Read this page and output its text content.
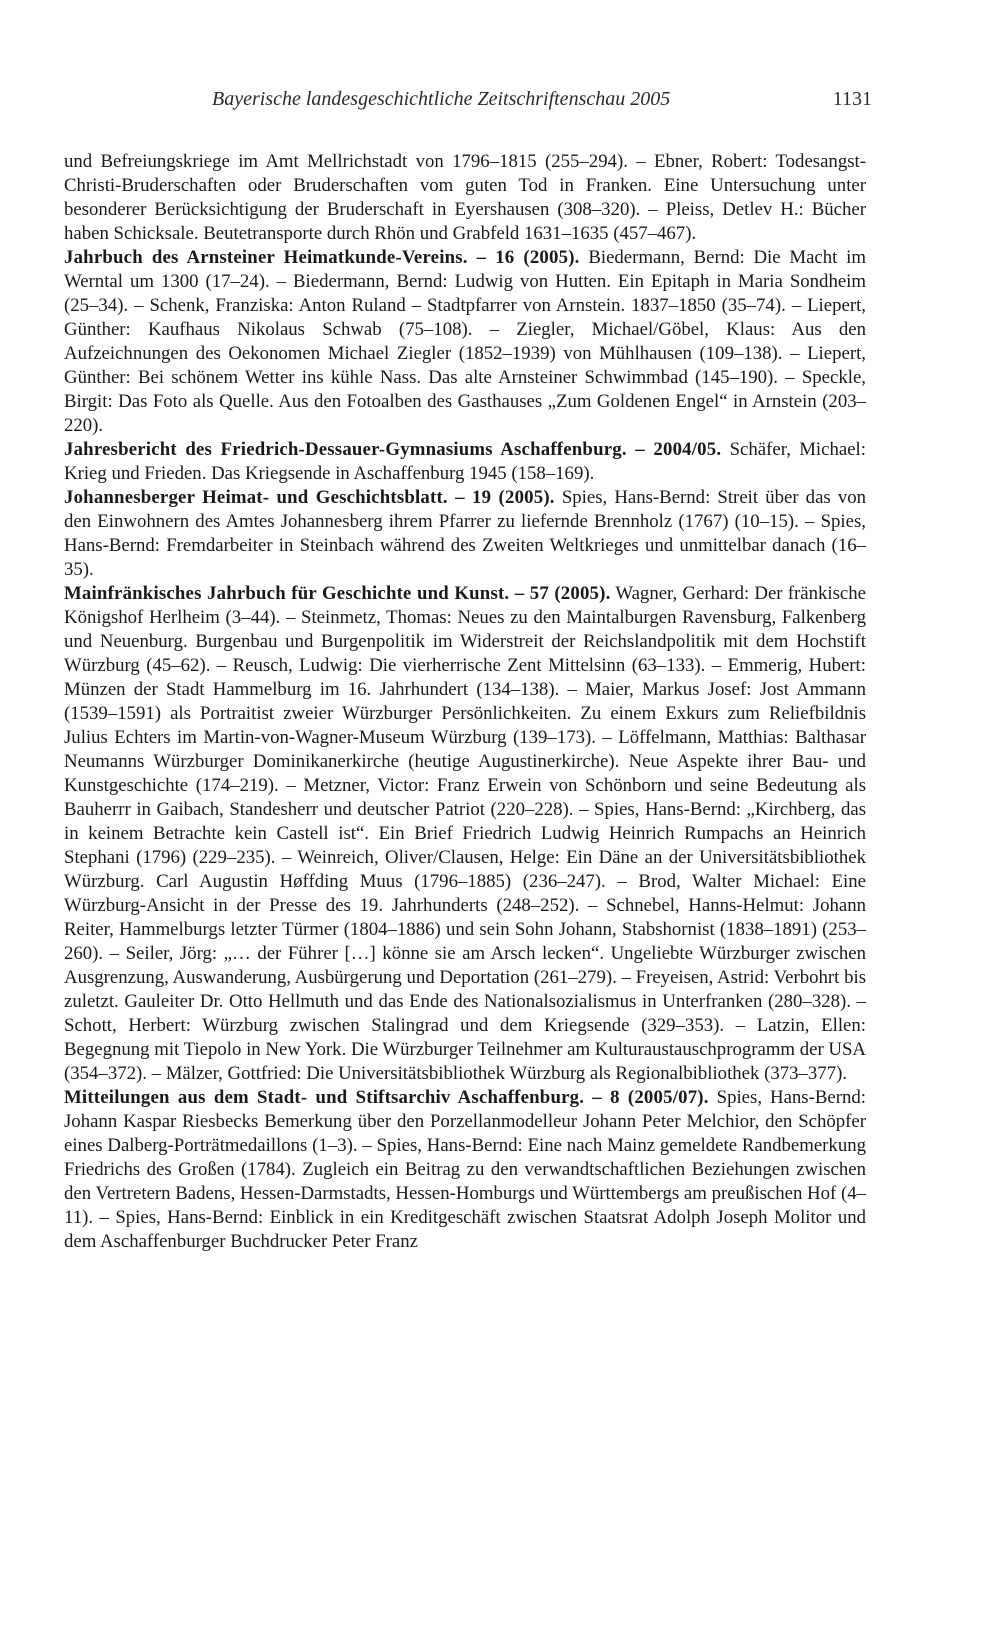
Bayerische landesgeschichtliche Zeitschriftenschau 2005	1131

und Befreiungskriege im Amt Mellrichstadt von 1796–1815 (255–294). – Ebner, Robert: Todesangst-Christi-Bruderschaften oder Bruderschaften vom guten Tod in Franken. Eine Untersuchung unter besonderer Berücksichtigung der Bruderschaft in Eyershausen (308–320). – Pleiss, Detlev H.: Bücher haben Schicksale. Beutetransporte durch Rhön und Grabfeld 1631–1635 (457–467).

Jahrbuch des Arnsteiner Heimatkunde-Vereins. – 16 (2005). Biedermann, Bernd: Die Macht im Werntal um 1300 (17–24). – Biedermann, Bernd: Ludwig von Hutten. Ein Epitaph in Maria Sondheim (25–34). – Schenk, Franziska: Anton Ruland – Stadtpfarrer von Arnstein. 1837–1850 (35–74). – Liepert, Günther: Kaufhaus Nikolaus Schwab (75–108). – Ziegler, Michael/Göbel, Klaus: Aus den Aufzeichnungen des Oekonomen Michael Ziegler (1852–1939) von Mühlhausen (109–138). – Liepert, Günther: Bei schönem Wetter ins kühle Nass. Das alte Arnsteiner Schwimmbad (145–190). – Speckle, Birgit: Das Foto als Quelle. Aus den Fotoalben des Gasthauses „Zum Goldenen Engel“ in Arnstein (203–220).

Jahresbericht des Friedrich-Dessauer-Gymnasiums Aschaffenburg. – 2004/05. Schäfer, Michael: Krieg und Frieden. Das Kriegsende in Aschaffenburg 1945 (158–169).

Johannesberger Heimat- und Geschichtsblatt. – 19 (2005). Spies, Hans-Bernd: Streit über das von den Einwohnern des Amtes Johannesberg ihrem Pfarrer zu liefernde Brennholz (1767) (10–15). – Spies, Hans-Bernd: Fremdarbeiter in Steinbach während des Zweiten Weltkrieges und unmittelbar danach (16–35).

Mainfränkisches Jahrbuch für Geschichte und Kunst. – 57 (2005). Wagner, Gerhard: Der fränkische Königshof Herlheim (3–44). – Steinmetz, Thomas: Neues zu den Maintalburgen Ravensburg, Falkenberg und Neuenburg. Burgenbau und Burgenpolitik im Widerstreit der Reichslandpolitik mit dem Hochstift Würzburg (45–62). – Reusch, Ludwig: Die vierherrische Zent Mittelsinn (63–133). – Emmerig, Hubert: Münzen der Stadt Hammelburg im 16. Jahrhundert (134–138). – Maier, Markus Josef: Jost Ammann (1539–1591) als Portraitist zweier Würzburger Persönlichkeiten. Zu einem Exkurs zum Reliefbildnis Julius Echters im Martin-von-Wagner-Museum Würzburg (139–173). – Löffelmann, Matthias: Balthasar Neumanns Würzburger Dominikanerkirche (heutige Augustinerkirche). Neue Aspekte ihrer Bau- und Kunstgeschichte (174–219). – Metzner, Victor: Franz Erwein von Schönborn und seine Bedeutung als Bauherrr in Gaibach, Standesherr und deutscher Patriot (220–228). – Spies, Hans-Bernd: „Kirchberg, das in keinem Betrachte kein Castell ist“. Ein Brief Friedrich Ludwig Heinrich Rumpachs an Heinrich Stephani (1796) (229–235). – Weinreich, Oliver/Clausen, Helge: Ein Däne an der Universitätsbibliothek Würzburg. Carl Augustin Høffding Muus (1796–1885) (236–247). – Brod, Walter Michael: Eine Würzburg-Ansicht in der Presse des 19. Jahrhunderts (248–252). – Schnebel, Hanns-Helmut: Johann Reiter, Hammelburgs letzter Türmer (1804–1886) und sein Sohn Johann, Stabshornist (1838–1891) (253–260). – Seiler, Jörg: „… der Führer […] könne sie am Arsch lecken“. Ungeliebte Würzburger zwischen Ausgrenzung, Auswanderung, Ausbürgerung und Deportation (261–279). – Freyeisen, Astrid: Verbohrt bis zuletzt. Gauleiter Dr. Otto Hellmuth und das Ende des Nationalsozialismus in Unterfranken (280–328). – Schott, Herbert: Würzburg zwischen Stalingrad und dem Kriegsende (329–353). – Latzin, Ellen: Begegnung mit Tiepolo in New York. Die Würzburger Teilnehmer am Kulturaustauschprogramm der USA (354–372). – Mälzer, Gottfried: Die Universitätsbibliothek Würzburg als Regionalbibliothek (373–377).

Mitteilungen aus dem Stadt- und Stiftsarchiv Aschaffenburg. – 8 (2005/07). Spies, Hans-Bernd: Johann Kaspar Riesbecks Bemerkung über den Porzellanmodelleur Johann Peter Melchior, den Schöpfer eines Dalberg-Porträtmedaillons (1–3). – Spies, Hans-Bernd: Eine nach Mainz gemeldete Randbemerkung Friedrichs des Großen (1784). Zugleich ein Beitrag zu den verwandtschaftlichen Beziehungen zwischen den Vertretern Badens, Hessen-Darmstadts, Hessen-Homburgs und Württembergs am preußischen Hof (4–11). – Spies, Hans-Bernd: Einblick in ein Kreditgeschäft zwischen Staatsrat Adolph Joseph Molitor und dem Aschaffenburger Buchdrucker Peter Franz
